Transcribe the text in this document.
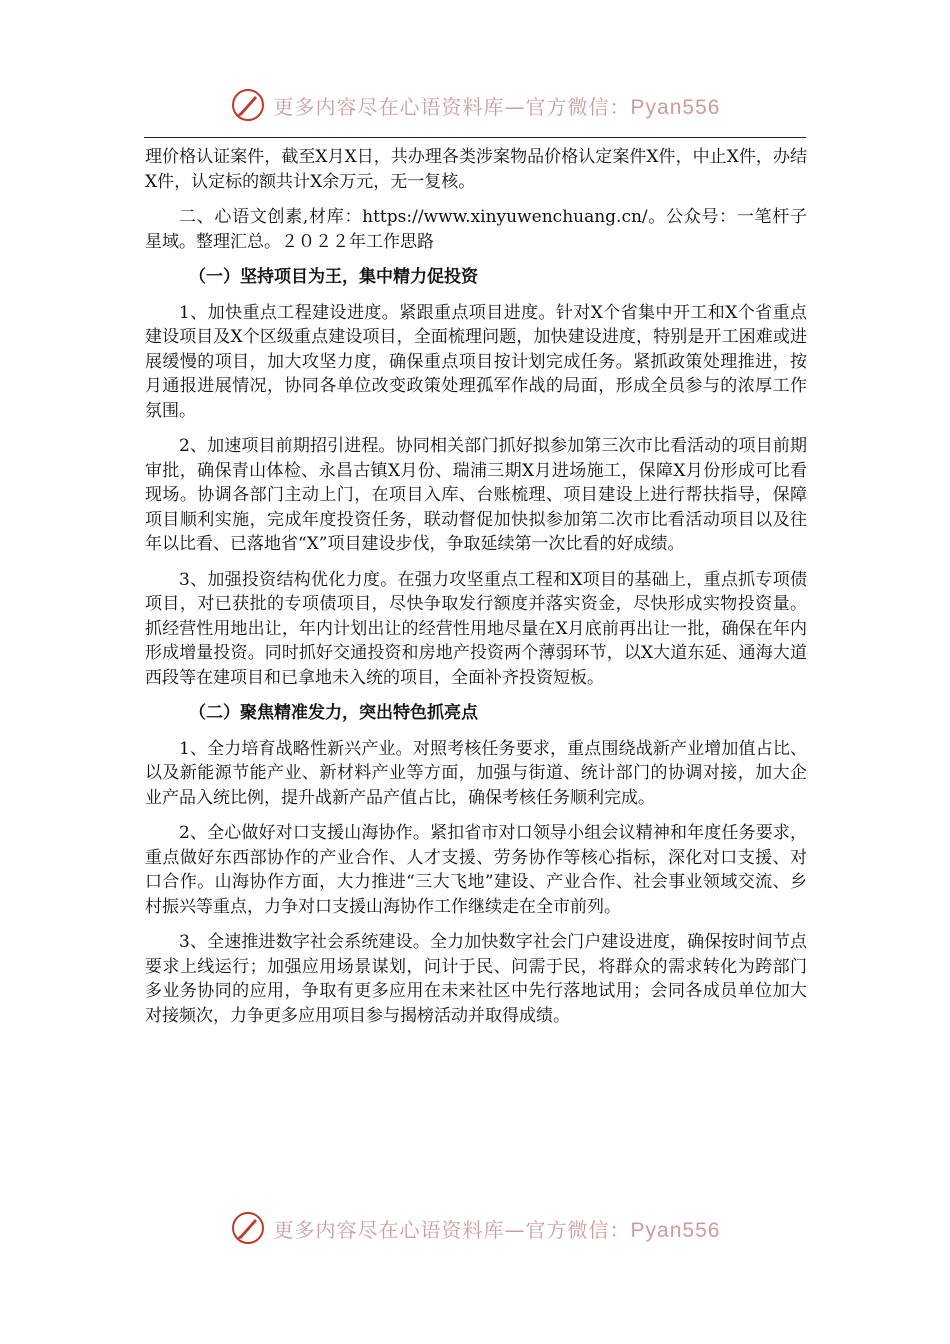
更多内容尽在心语资料库—官方微信：Pyan556

理价格认证案件，截至X月X日，共办理各类涉案物品价格认定案件X件，中止X件，办结X件，认定标的额共计X余万元，无一复核。

二、心语文创素,材库：https://www.xinyuwenchuang.cn/。公众号：一笔杆子星域。整理汇总。２０２２年工作思路

（一）坚持项目为王，集中精力促投资

1、加快重点工程建设进度。紧跟重点项目进度。针对X个省集中开工和X个省重点建设项目及X个区级重点建设项目，全面梳理问题，加快建设进度，特别是开工困难或进展缓慢的项目，加大攻坚力度，确保重点项目按计划完成任务。紧抓政策处理推进，按月通报进展情况，协同各单位改变政策处理孤军作战的局面，形成全员参与的浓厚工作氛围。

2、加速项目前期招引进程。协同相关部门抓好拟参加第三次市比看活动的项目前期审批，确保青山体检、永昌古镇X月份、瑞浦三期X月进场施工，保障X月份形成可比看现场。协调各部门主动上门，在项目入库、台账梳理、项目建设上进行帮扶指导，保障项目顺利实施，完成年度投资任务，联动督促加快拟参加第二次市比看活动项目以及往年以比看、已落地省“X”项目建设步伐，争取延续第一次比看的好成绩。

3、加强投资结构优化力度。在强力攻坚重点工程和X项目的基础上，重点抓专项债项目，对已获批的专项债项目，尽快争取发行额度并落实资金，尽快形成实物投资量。抓经营性用地出让，年内计划出让的经营性用地尽量在X月底前再出让一批，确保在年内形成增量投资。同时抓好交通投资和房地产投资两个薄弱环节，以X大道东延、通海大道西段等在建项目和已拿地未入统的项目，全面补齐投资短板。

（二）聚焦精准发力，突出特色抓亮点

1、全力培育战略性新兴产业。对照考核任务要求，重点围绕战新产业增加值占比、以及新能源节能产业、新材料产业等方面，加强与街道、统计部门的协调对接，加大企业产品入统比例，提升战新产品产值占比，确保考核任务顺利完成。

2、全心做好对口支援山海协作。紧扣省市对口领导小组会议精神和年度任务要求，重点做好东西部协作的产业合作、人才支援、劳务协作等核心指标，深化对口支援、对口合作。山海协作方面，大力推进“三大飞地”建设、产业合作、社会事业领域交流、乡村振兴等重点，力争对口支援山海协作工作继续走在全市前列。

3、全速推进数字社会系统建设。全力加快数字社会门户建设进度，确保按时间节点要求上线运行；加强应用场景谋划，问计于民、问需于民，将群众的需求转化为跨部门多业务协同的应用，争取有更多应用在未来社区中先行落地试用；会同各成员单位加大对接频次，力争更多应用项目参与揭榜活动并取得成绩。

更多内容尽在心语资料库—官方微信：Pyan556
